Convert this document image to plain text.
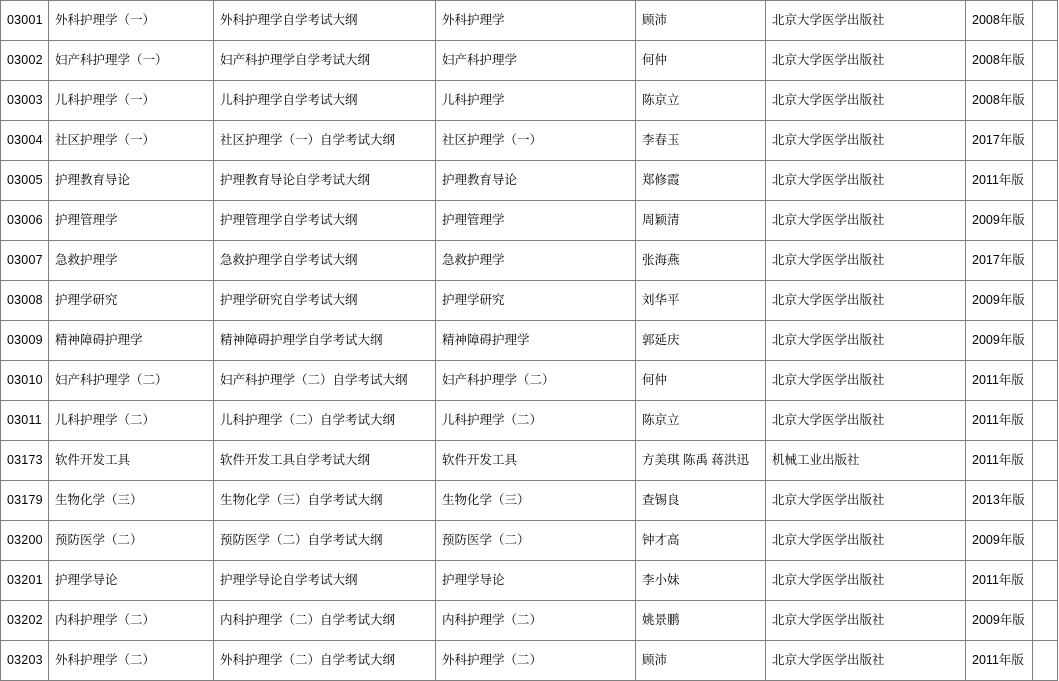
03001	外科护理学（一）	外科护理学自学考试大纲	外科护理学	顾沛	北京大学医学出版社	2008年版	
03002	妇产科护理学（一）	妇产科护理学自学考试大纲	妇产科护理学	何仲	北京大学医学出版社	2008年版	
03003	儿科护理学（一）	儿科护理学自学考试大纲	儿科护理学	陈京立	北京大学医学出版社	2008年版	
03004	社区护理学（一）	社区护理学（一）自学考试大纲	社区护理学（一）	李春玉	北京大学医学出版社	2017年版	
03005	护理教育导论	护理教育导论自学考试大纲	护理教育导论	郑修霞	北京大学医学出版社	2011年版	
03006	护理管理学	护理管理学自学考试大纲	护理管理学	周颖清	北京大学医学出版社	2009年版	
03007	急救护理学	急救护理学自学考试大纲	急救护理学	张海燕	北京大学医学出版社	2017年版	
03008	护理学研究	护理学研究自学考试大纲	护理学研究	刘华平	北京大学医学出版社	2009年版	
03009	精神障碍护理学	精神障碍护理学自学考试大纲	精神障碍护理学	郭延庆	北京大学医学出版社	2009年版	
03010	妇产科护理学（二）	妇产科护理学（二）自学考试大纲	妇产科护理学（二）	何仲	北京大学医学出版社	2011年版	
03011	儿科护理学（二）	儿科护理学（二）自学考试大纲	儿科护理学（二）	陈京立	北京大学医学出版社	2011年版	
03173	软件开发工具	软件开发工具自学考试大纲	软件开发工具	方美琪 陈禹 蒋洪迅	机械工业出版社	2011年版	
03179	生物化学（三）	生物化学（三）自学考试大纲	生物化学（三）	查锡良	北京大学医学出版社	2013年版	
03200	预防医学（二）	预防医学（二）自学考试大纲	预防医学（二）	钟才高	北京大学医学出版社	2009年版	
03201	护理学导论	护理学导论自学考试大纲	护理学导论	李小妹	北京大学医学出版社	2011年版	
03202	内科护理学（二）	内科护理学（二）自学考试大纲	内科护理学（二）	姚景鹏	北京大学医学出版社	2009年版	
03203	外科护理学（二）	外科护理学（二）自学考试大纲	外科护理学（二）	顾沛	北京大学医学出版社	2011年版	
